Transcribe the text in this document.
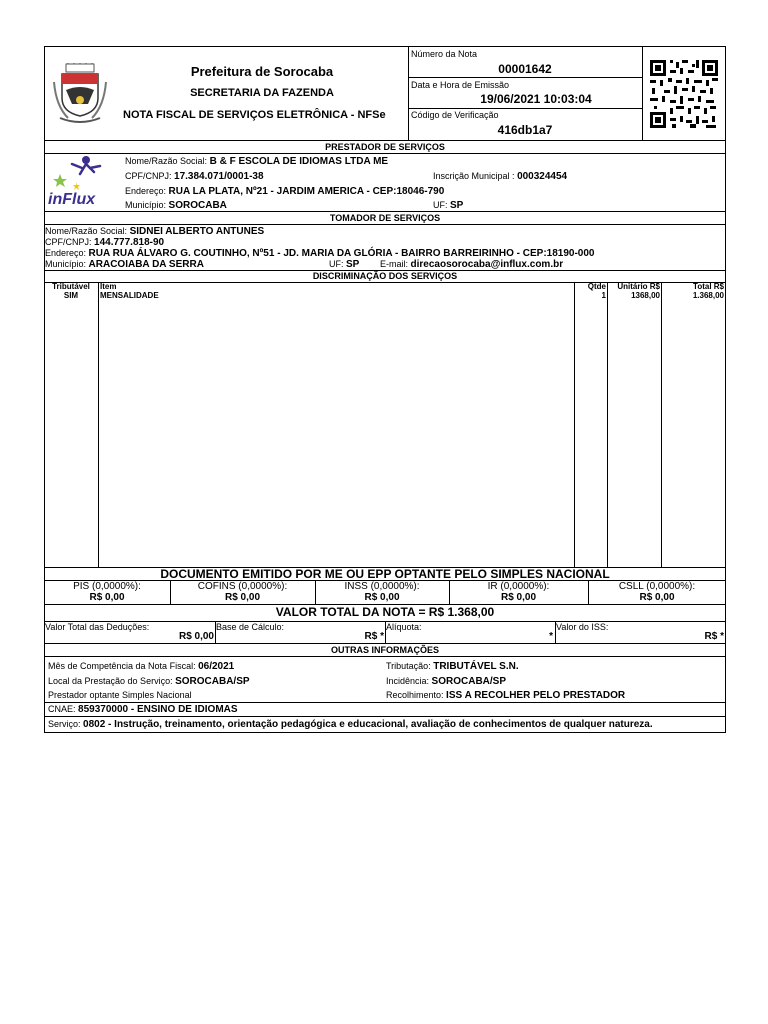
Prefeitura de Sorocaba
SECRETARIA DA FAZENDA
NOTA FISCAL DE SERVIÇOS ELETRÔNICA - NFSe
Número da Nota
00001642
Data e Hora de Emissão
19/06/2021 10:03:04
Código de Verificação
416db1a7
PRESTADOR DE SERVIÇOS
inFlux
Nome/Razão Social: B & F ESCOLA DE IDIOMAS LTDA ME
CPF/CNPJ: 17.384.071/0001-38	Inscrição Municipal : 000324454
Endereço: RUA LA PLATA, Nº21 - JARDIM AMERICA - CEP:18046-790
Município: SOROCABA	UF: SP
TOMADOR DE SERVIÇOS
Nome/Razão Social: SIDNEI ALBERTO ANTUNES
CPF/CNPJ: 144.777.818-90
Endereço: RUA RUA ÁLVARO G. COUTINHO, Nº51 - JD. MARIA DA GLÓRIA - BAIRRO BARREIRINHO - CEP:18190-000
Município: ARACOIABA DA SERRA	UF: SP E-mail: direcaosorocaba@influx.com.br
DISCRIMINAÇÃO DOS SERVIÇOS
Tributável	Item	Qtde	Unitário R$	Total R$
SIM	MENSALIDADE	1	1368,00	1.368,00
DOCUMENTO EMITIDO POR ME OU EPP OPTANTE PELO SIMPLES NACIONAL
PIS (0,0000%):
R$ 0,00
COFINS (0,0000%):
R$ 0,00
INSS (0,0000%):
R$ 0,00
IR (0,0000%):
R$ 0,00
CSLL (0,0000%):
R$ 0,00
VALOR TOTAL DA NOTA = R$ 1.368,00
Valor Total das Deduções:
R$ 0,00
Base de Cálculo:
R$ *
Alíquota:
*
Valor do ISS:
R$ *
OUTRAS INFORMAÇÕES
Mês de Competência da Nota Fiscal: 06/2021
Local da Prestação do Serviço: SOROCABA/SP
Prestador optante Simples Nacional
Tributação: TRIBUTÁVEL S.N.
Incidência: SOROCABA/SP
Recolhimento: ISS A RECOLHER PELO PRESTADOR
CNAE: 859370000 - ENSINO DE IDIOMAS
Serviço: 0802 - Instrução, treinamento, orientação pedagógica e educacional, avaliação de conhecimentos de qualquer natureza.
